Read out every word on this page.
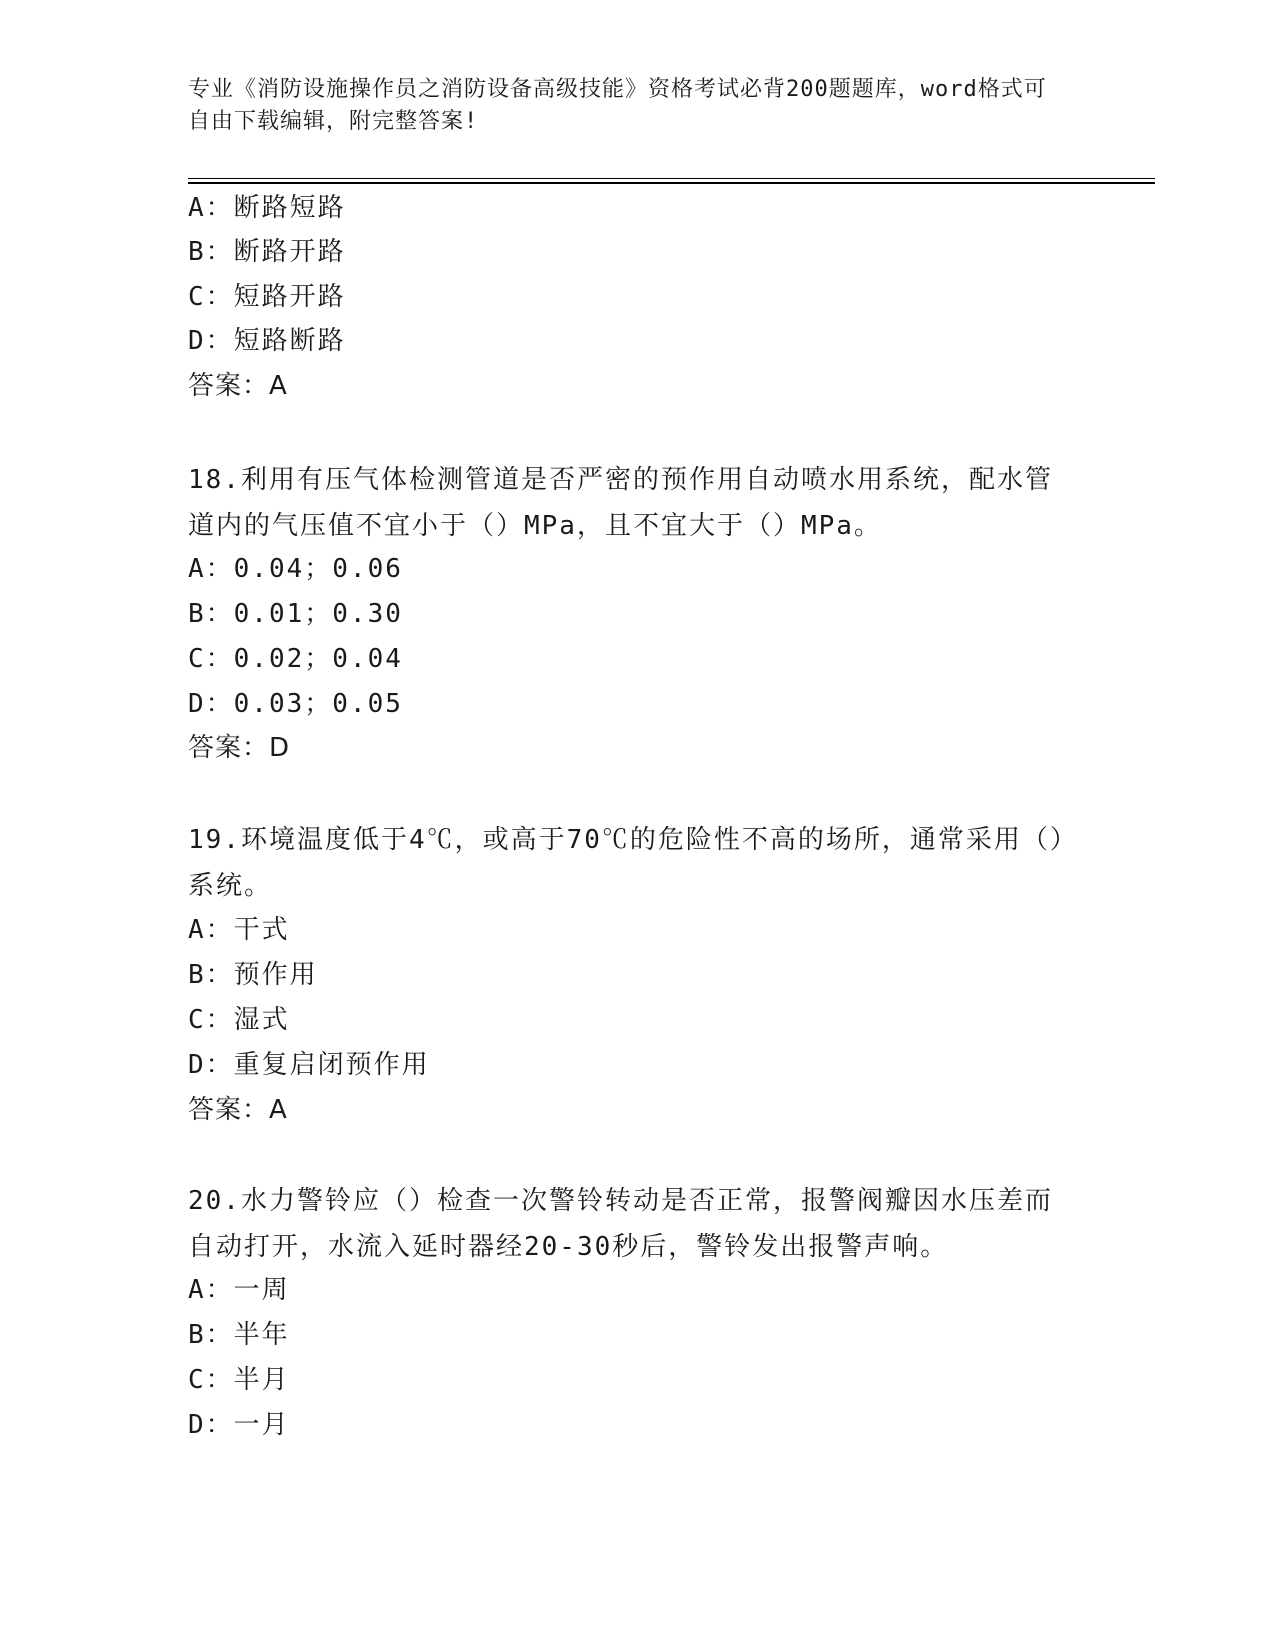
专业《消防设施操作员之消防设备高级技能》资格考试必背200题题库，word格式可自由下载编辑，附完整答案!
A：断路短路
B：断路开路
C：短路开路
D：短路断路
答案：A
18.利用有压气体检测管道是否严密的预作用自动喷水用系统，配水管道内的气压值不宜小于（）MPa，且不宜大于（）MPa。
A：0.04；0.06
B：0.01；0.30
C：0.02；0.04
D：0.03；0.05
答案：D
19.环境温度低于4℃，或高于70℃的危险性不高的场所，通常采用（）系统。
A：干式
B：预作用
C：湿式
D：重复启闭预作用
答案：A
20.水力警铃应（）检查一次警铃转动是否正常，报警阀瓣因水压差而自动打开，水流入延时器经20-30秒后，警铃发出报警声响。
A：一周
B：半年
C：半月
D：一月
